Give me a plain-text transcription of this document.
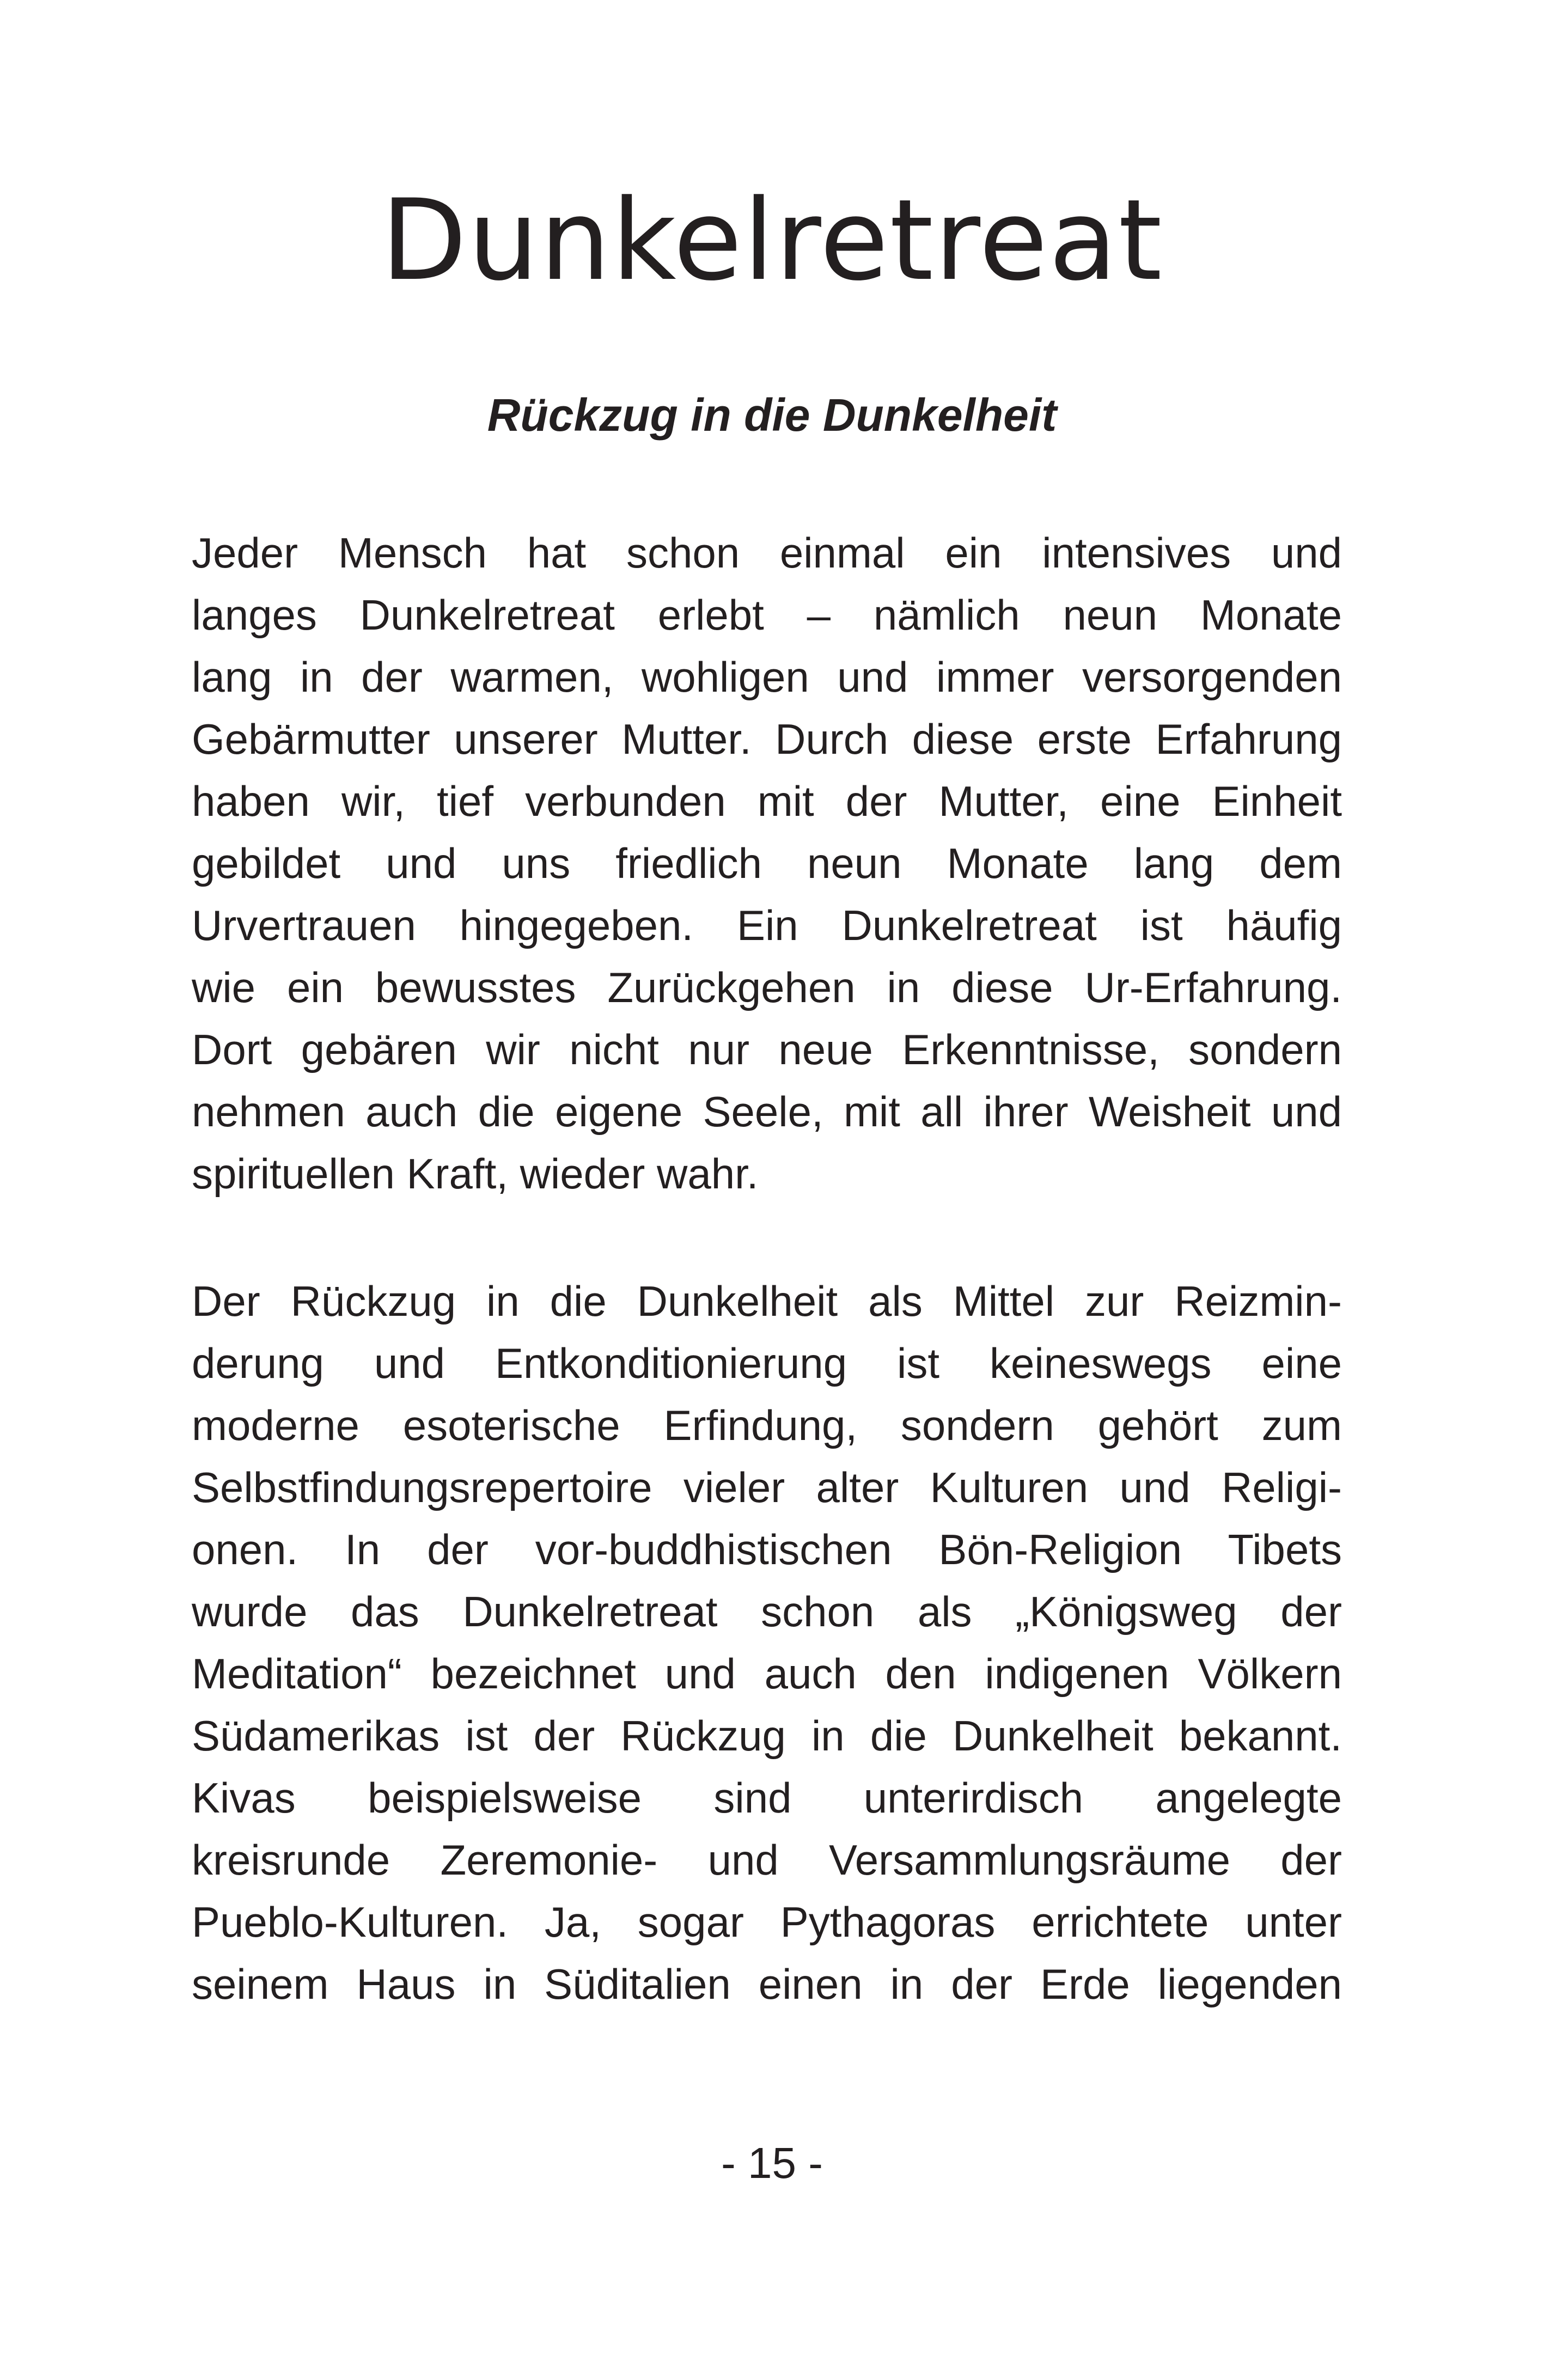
Dunkelretreat
Rückzug in die Dunkelheit
Jeder Mensch hat schon einmal ein intensives und
langes Dunkelretreat erlebt – nämlich neun Monate
lang in der warmen, wohligen und immer versorgenden
Gebärmutter unserer Mutter. Durch diese erste Erfahrung
haben wir, tief verbunden mit der Mutter, eine Einheit
gebildet und uns friedlich neun Monate lang dem
Urvertrauen hingegeben. Ein Dunkelretreat ist häufig
wie ein bewusstes Zurückgehen in diese Ur-Erfahrung.
Dort gebären wir nicht nur neue Erkenntnisse, sondern
nehmen auch die eigene Seele, mit all ihrer Weisheit und
spirituellen Kraft, wieder wahr.
Der Rückzug in die Dunkelheit als Mittel zur Reizmin-
derung und Entkonditionierung ist keineswegs eine
moderne esoterische Erfindung, sondern gehört zum
Selbstfindungsrepertoire vieler alter Kulturen und Religi-
onen. In der vor-buddhistischen Bön-Religion Tibets
wurde das Dunkelretreat schon als „Königsweg der
Meditation“ bezeichnet und auch den indigenen Völkern
Südamerikas ist der Rückzug in die Dunkelheit bekannt.
Kivas beispielsweise sind unterirdisch angelegte
kreisrunde Zeremonie- und Versammlungsräume der
Pueblo-Kulturen. Ja, sogar Pythagoras errichtete unter
seinem Haus in Süditalien einen in der Erde liegenden
- 15 -
